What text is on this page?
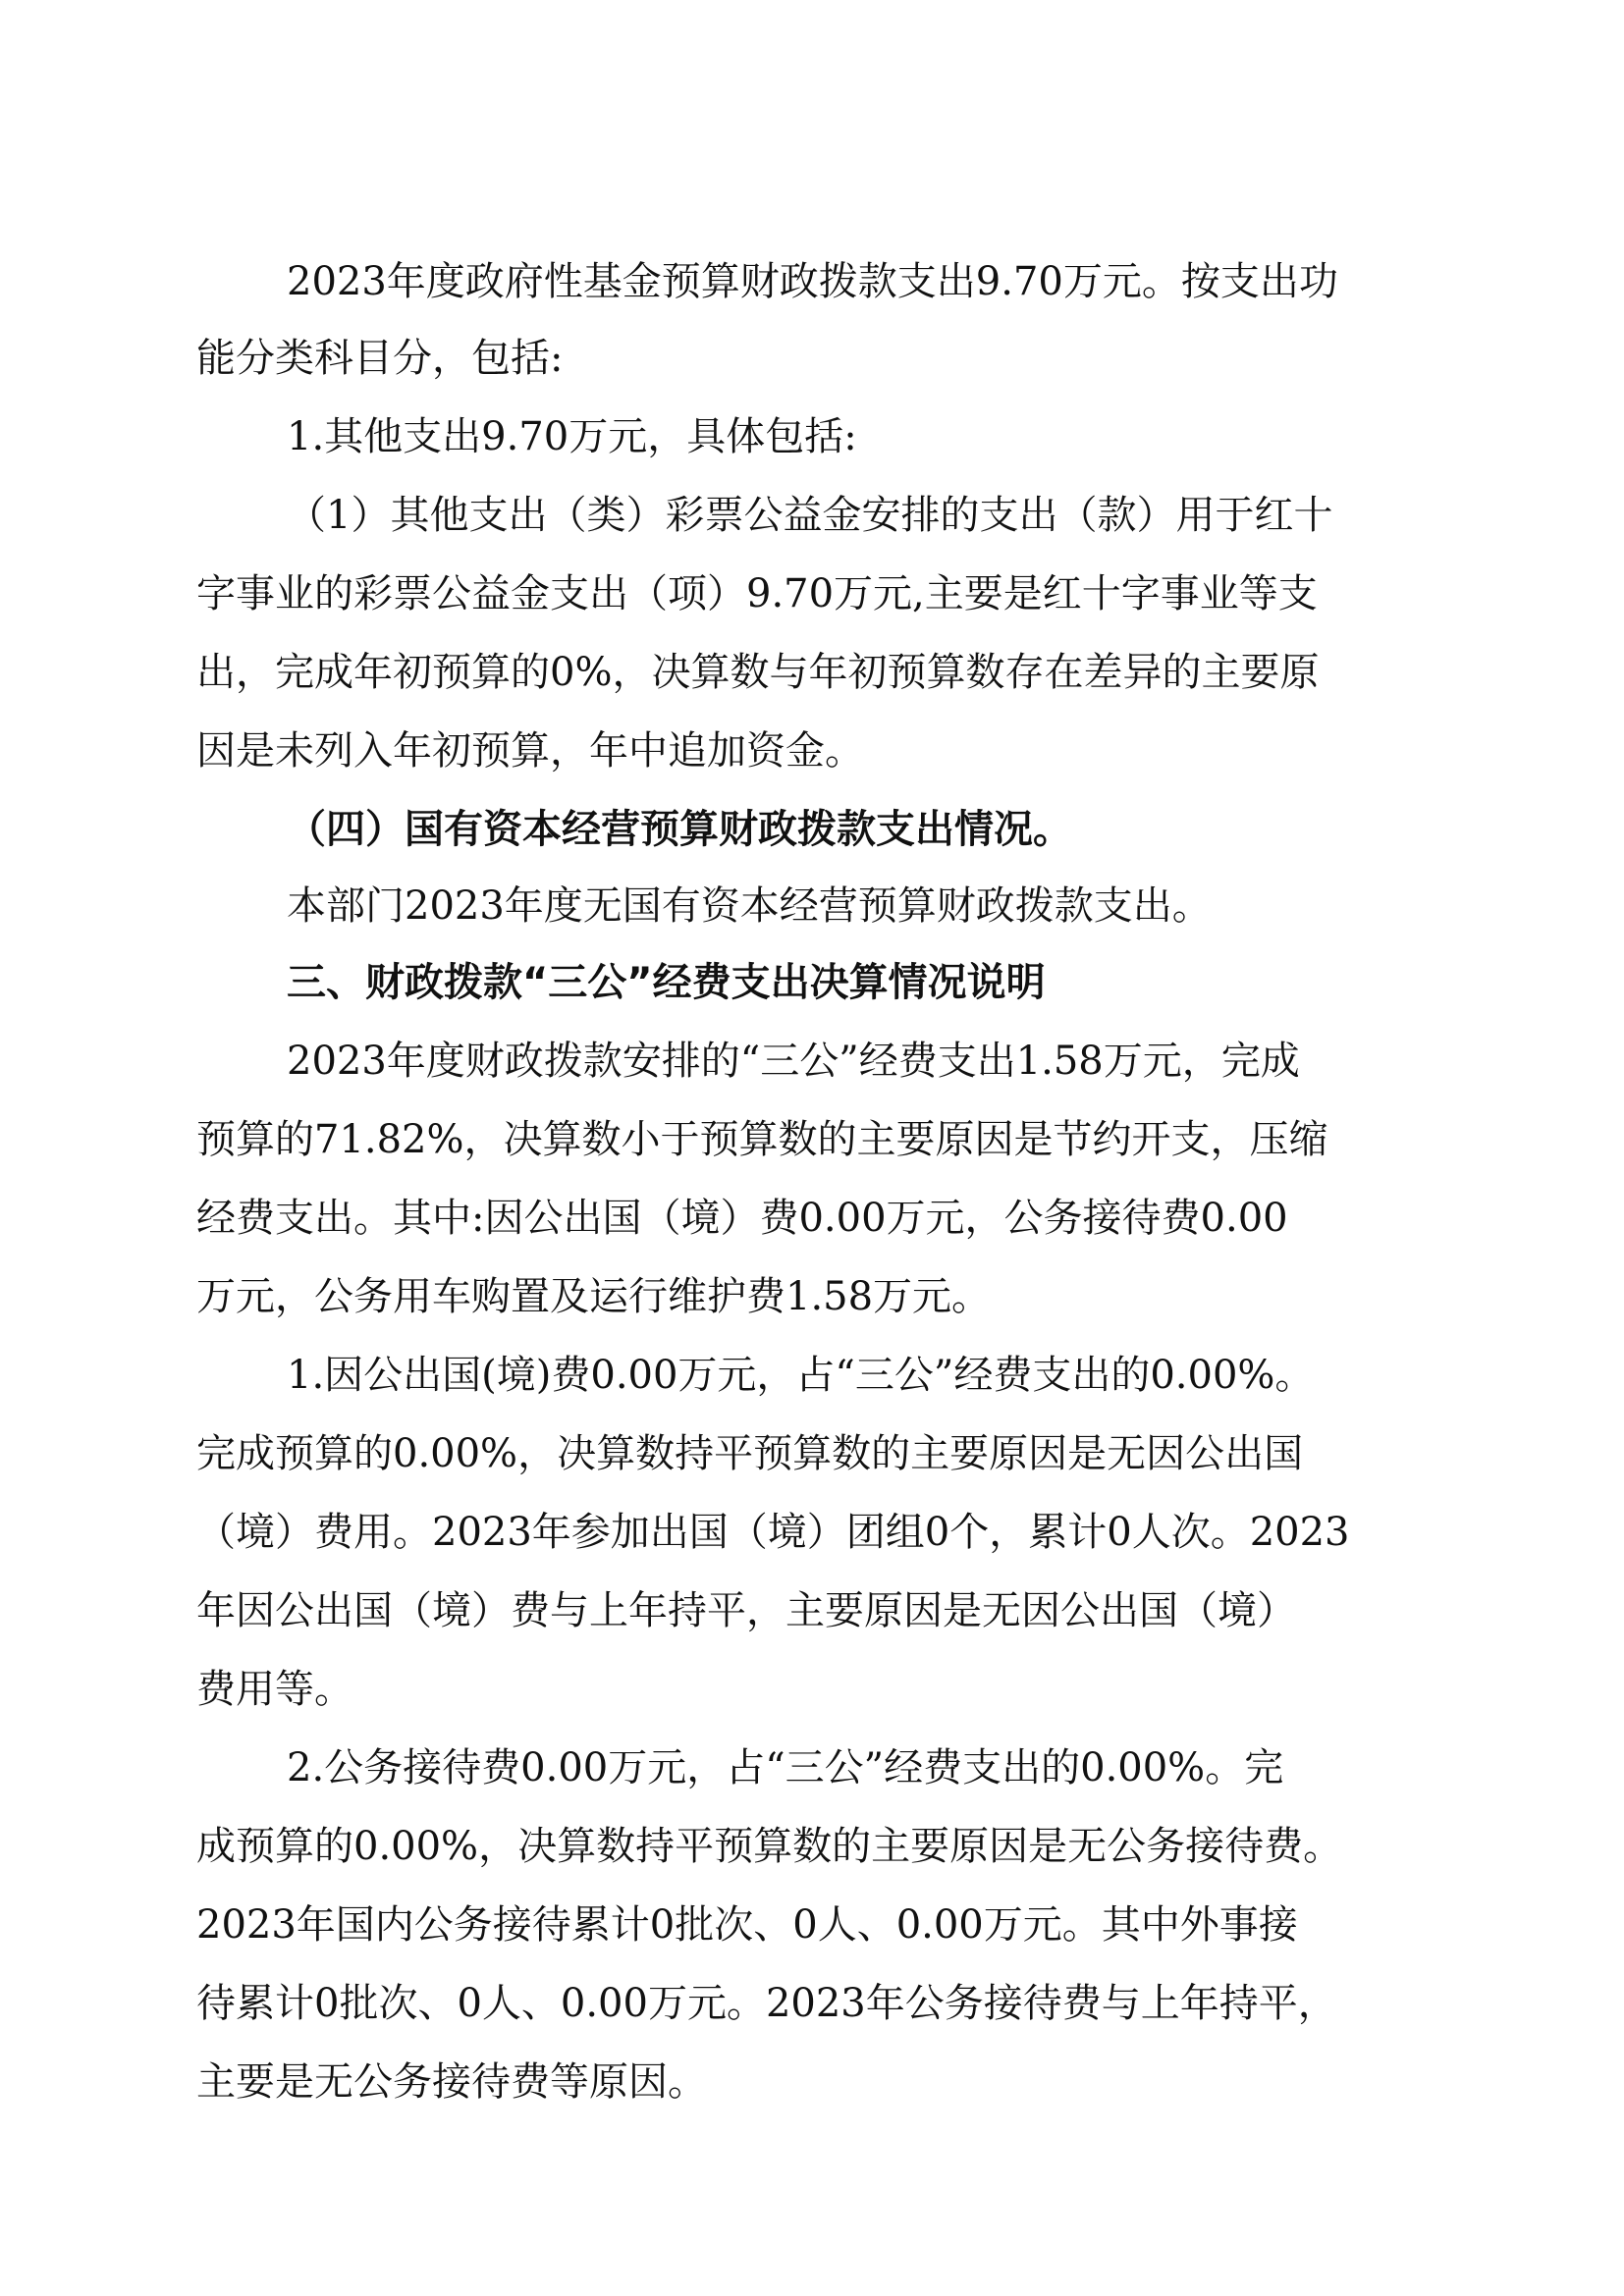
2023年度政府性基金预算财政拨款支出9.70万元。按支出功
能分类科目分，包括:
1.其他支出9.70万元，具体包括:
（1）其他支出（类）彩票公益金安排的支出（款）用于红十
字事业的彩票公益金支出（项）9.70万元,主要是红十字事业等支
出，完成年初预算的0%，决算数与年初预算数存在差异的主要原
因是未列入年初预算，年中追加资金。
（四）国有资本经营预算财政拨款支出情况。
本部门2023年度无国有资本经营预算财政拨款支出。
三、财政拨款“三公”经费支出决算情况说明
2023年度财政拨款安排的“三公”经费支出1.58万元，完成
预算的71.82%，决算数小于预算数的主要原因是节约开支，压缩
经费支出。其中:因公出国（境）费0.00万元，公务接待费0.00
万元，公务用车购置及运行维护费1.58万元。
1.因公出国(境)费0.00万元，占“三公”经费支出的0.00%。
完成预算的0.00%，决算数持平预算数的主要原因是无因公出国
（境）费用。2023年参加出国（境）团组0个，累计0人次。2023
年因公出国（境）费与上年持平，主要原因是无因公出国（境）
费用等。
2.公务接待费0.00万元，占“三公”经费支出的0.00%。完
成预算的0.00%，决算数持平预算数的主要原因是无公务接待费。
2023年国内公务接待累计0批次、0人、0.00万元。其中外事接
待累计0批次、0人、0.00万元。2023年公务接待费与上年持平，
主要是无公务接待费等原因。
